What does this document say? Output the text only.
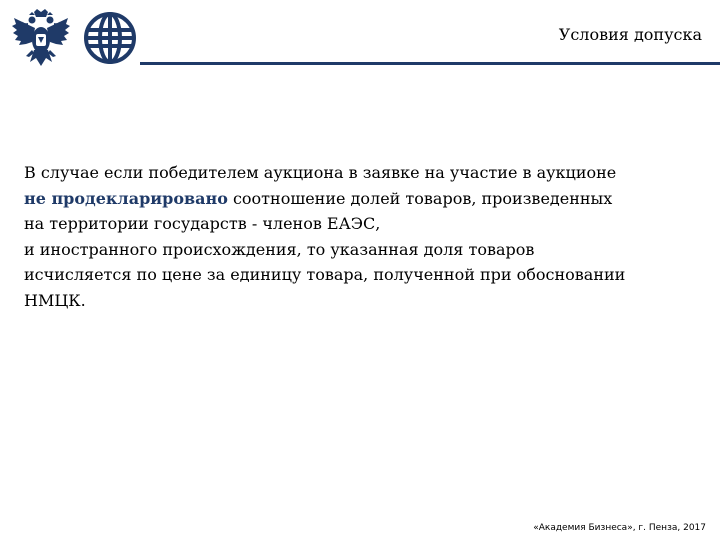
Условия допуска
В случае если победителем аукциона в заявке на участие в аукционе
не продекларировано соотношение долей товаров, произведенных
на территории государств - членов ЕАЭС,
и иностранного происхождения, то указанная доля товаров
исчисляется по цене за единицу товара, полученной при обосновании
НМЦК.
«Академия Бизнеса», г. Пенза, 2017
